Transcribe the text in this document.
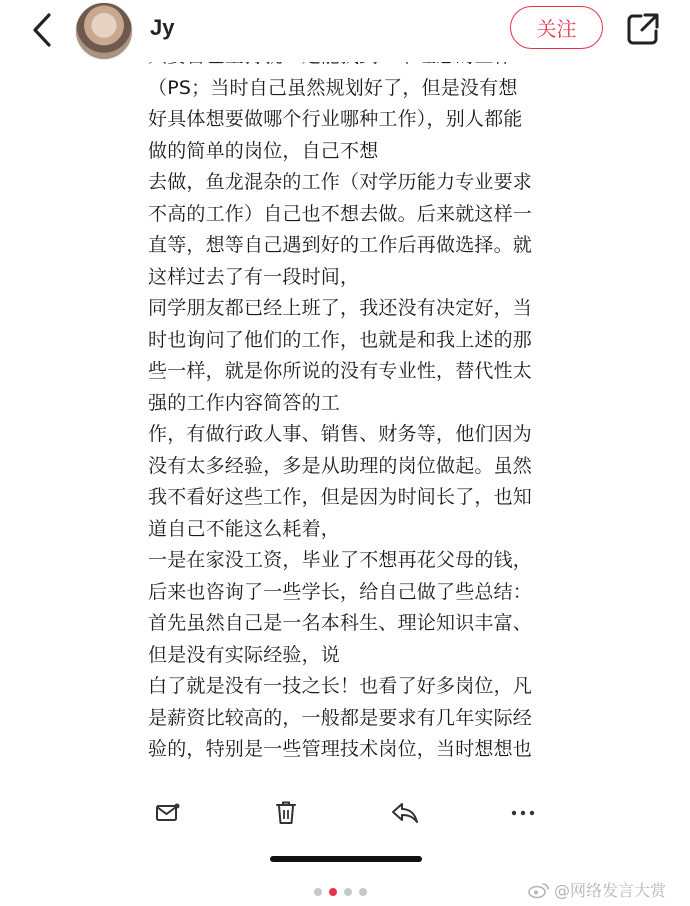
Jy	关注
（PS；当时自己虽然规划好了，但是没有想
好具体想要做哪个行业哪种工作），别人都能
做的简单的岗位，自己不想
去做，鱼龙混杂的工作（对学历能力专业要求
不高的工作）自己也不想去做。后来就这样一
直等，想等自己遇到好的工作后再做选择。就
这样过去了有一段时间，
同学朋友都已经上班了，我还没有决定好，当
时也询问了他们的工作，也就是和我上述的那
些一样，就是你所说的没有专业性，替代性太
强的工作内容简答的工
作，有做行政人事、销售、财务等，他们因为
没有太多经验，多是从助理的岗位做起。虽然
我不看好这些工作，但是因为时间长了，也知
道自己不能这么耗着，
一是在家没工资，毕业了不想再花父母的钱，
后来也咨询了一些学长，给自己做了些总结：
首先虽然自己是一名本科生、理论知识丰富、
但是没有实际经验，说
白了就是没有一技之长！也看了好多岗位，凡
是薪资比较高的，一般都是要求有几年实际经
验的，特别是一些管理技术岗位，当时想想也
@网络发言大赏
